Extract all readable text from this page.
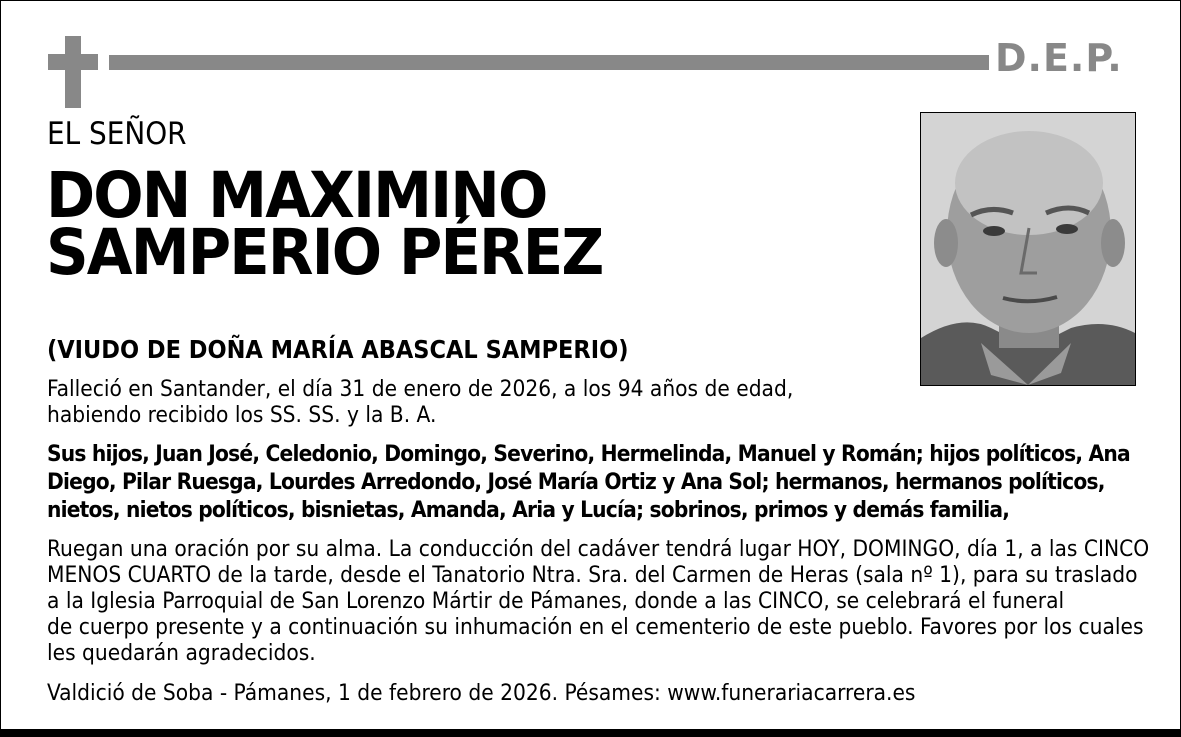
D.E.P.
EL SEÑOR
DON MAXIMINO
SAMPERIO PÉREZ
(VIUDO DE DOÑA MARÍA ABASCAL SAMPERIO)
Falleció en Santander, el día 31 de enero de 2026, a los 94 años de edad,
habiendo recibido los SS. SS. y la B. A.
Sus hijos, Juan José, Celedonio, Domingo, Severino, Hermelinda, Manuel y Román; hijos políticos, Ana
Diego, Pilar Ruesga, Lourdes Arredondo, José María Ortiz y Ana Sol; hermanos, hermanos políticos,
nietos, nietos políticos, bisnietas, Amanda, Aria y Lucía; sobrinos, primos y demás familia,
Ruegan una oración por su alma. La conducción del cadáver tendrá lugar HOY, DOMINGO, día 1, a las CINCO
MENOS CUARTO de la tarde, desde el Tanatorio Ntra. Sra. del Carmen de Heras (sala nº 1), para su traslado
a la Iglesia Parroquial de San Lorenzo Mártir de Pámanes, donde a las CINCO, se celebrará el funeral
de cuerpo presente y a continuación su inhumación en el cementerio de este pueblo. Favores por los cuales
les quedarán agradecidos.
Valdició de Soba - Pámanes, 1 de febrero de 2026. Pésames: www.funerariacarrera.es
